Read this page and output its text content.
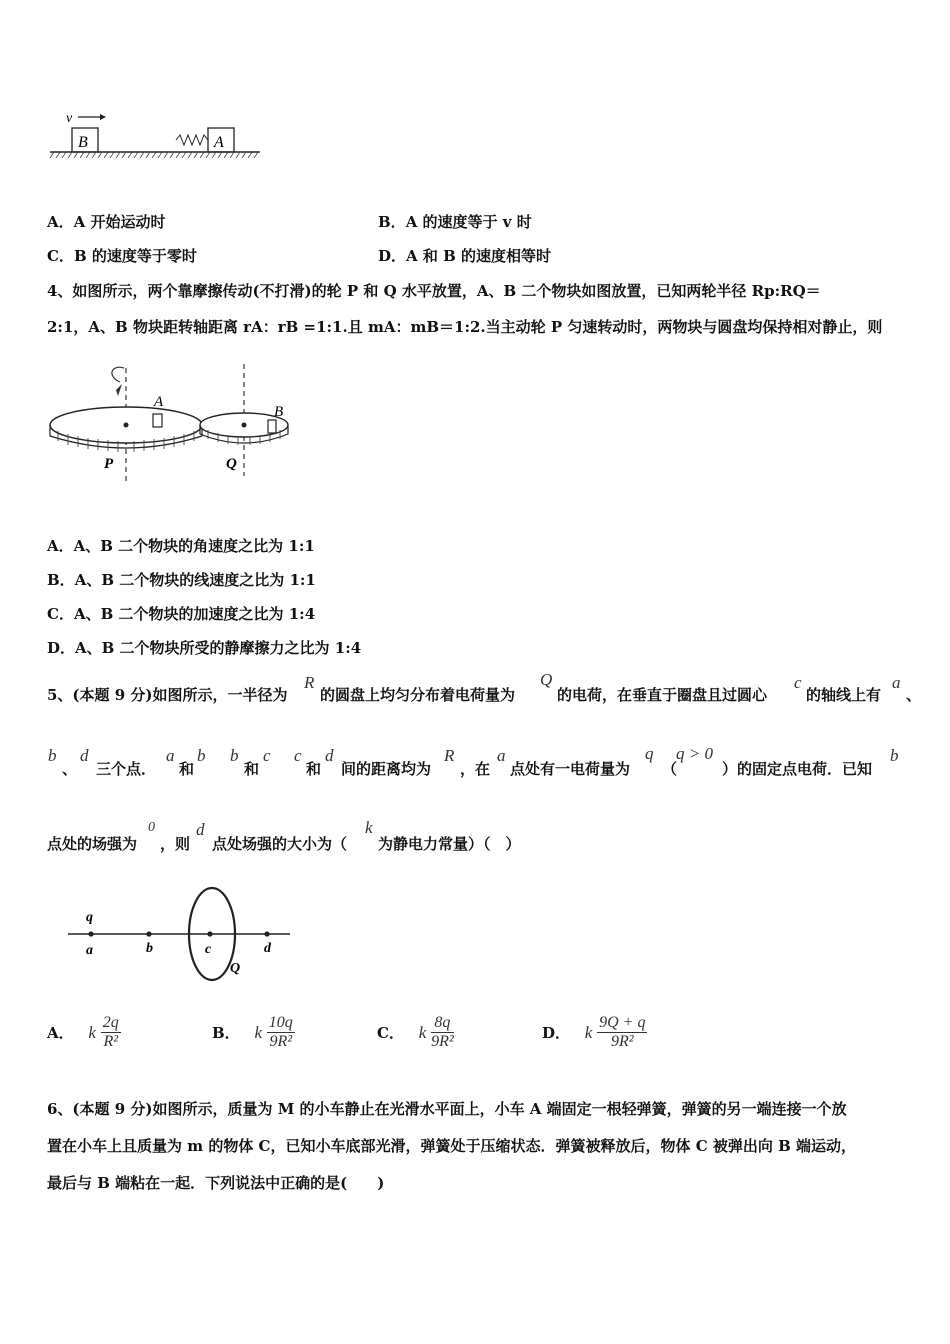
v
B	A
A．A 开始运动时	B．A 的速度等于 v 时
C．B 的速度等于零时	D．A 和 B 的速度相等时
4、如图所示，两个靠摩擦传动(不打滑)的轮 P 和 Q 水平放置，A、B 二个物块如图放置，已知两轮半径 Rp:RQ＝
2:1，A、B 物块距转轴距离 rA：rB =1:1.且 mA：mB＝1:2.当主动轮 P 匀速转动时，两物块与圆盘均保持相对静止，则
A
P
B
Q
A．A、B 二个物块的角速度之比为 1:1
B．A、B 二个物块的线速度之比为 1:1
C．A、B 二个物块的加速度之比为 1:4
D．A、B 二个物块所受的静摩擦力之比为 1:4
5、(本题 9 分)如图所示，一半径为
R
的圆盘上均匀分布着电荷量为
Q
的电荷，在垂直于圈盘且过圆心
c
的轴线上有
a
、
b
、
d
三个点．
a
和
b b
和
c c
和
d
间的距离均为
R
，在
a
点处有一电荷量为
q
（
q > 0
）的固定点电荷．已知
b
点处的场强为
0
，则
d
点处场强的大小为（
k
为静电力常量）（　）
q
a	b	c	d
Q
A． k $\frac{2q}{\text{R²}}$	B． k $\frac{10q}{\text{9R²}}$	C． k $\frac{8q}{\text{9R²}}$	D． k $\frac{9Q + q}{\text{9R²}}$
6、(本题 9 分)如图所示，质量为 M 的小车静止在光滑水平面上，小车 A 端固定一根轻弹簧，弹簧的另一端连接一个放
置在小车上且质量为 m 的物体 C，已知小车底部光滑，弹簧处于压缩状态．弹簧被释放后，物体 C 被弹出向 B 端运动，
最后与 B 端粘在一起．下列说法中正确的是(　　)
